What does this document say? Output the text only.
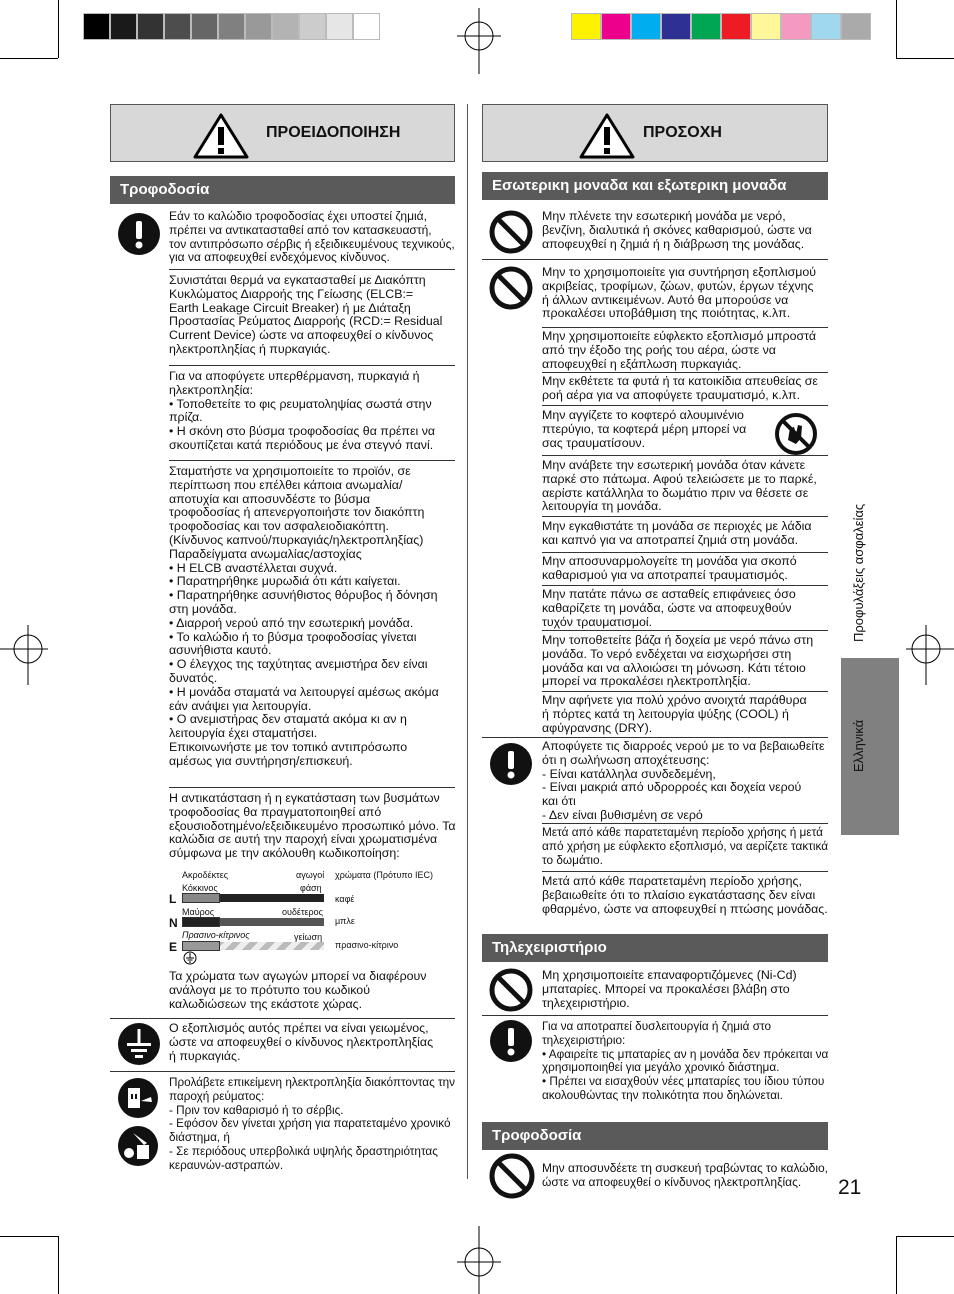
ΠΡΟΕΙΔΟΠΟΙΗΣΗ
Τροφοδοσία

Εάν το καλώδιο τροφοδοσίας έχει υποστεί ζημιά,

πρέπει να αντικατασταθεί από τον κατασκευαστή,

τον αντιπρόσωπο σέρβις ή εξειδικευμένους τεχνικούς,

για να αποφευχθεί ενδεχόμενος κίνδυνος.

Συνιστάται θερμά να εγκατασταθεί με Διακόπτη

Κυκλώματος Διαρροής της Γείωσης (ELCB:=

Earth Leakage Circuit Breaker) ή με Διάταξη

Προστασίας Ρεύματος Διαρροής (RCD:= Residual

Current Device) ώστε να αποφευχθεί ο κίνδυνος

ηλεκτροπληξίας ή πυρκαγιάς.

Για να αποφύγετε υπερθέρμανση, πυρκαγιά ή

ηλεκτροπληξία:

• Τοποθετείτε το φις ρευματοληψίας σωστά στην

πρίζα.

• Η σκόνη στο βύσμα τροφοδοσίας θα πρέπει να

σκουπίζεται κατά περιόδους με ένα στεγνό πανί.

Σταματήστε να χρησιμοποιείτε το προϊόν, σε

περίπτωση που επέλθει κάποια ανωμαλία/

αποτυχία και αποσυνδέστε το βύσμα

τροφοδοσίας ή απενεργοποιήστε τον διακόπτη

τροφοδοσίας και τον ασφαλειοδιακόπτη.

(Κίνδυνος καπνού/πυρκαγιάς/ηλεκτροπληξίας)

Παραδείγματα ανωμαλίας/αστοχίας

• Η ELCB αναστέλλεται συχνά.

• Παρατηρήθηκε μυρωδιά ότι κάτι καίγεται.

• Παρατηρήθηκε ασυνήθιστος θόρυβος ή δόνηση

στη μονάδα.

• Διαρροή νερού από την εσωτερική μονάδα.

• Το καλώδιο ή το βύσμα τροφοδοσίας γίνεται

ασυνήθιστα καυτό.

• Ο έλεγχος της ταχύτητας ανεμιστήρα δεν είναι

δυνατός.

• Η μονάδα σταματά να λειτουργεί αμέσως ακόμα

εάν ανάψει για λειτουργία.

• Ο ανεμιστήρας δεν σταματά ακόμα κι αν η

λειτουργία έχει σταματήσει.

Επικοινωνήστε με τον τοπικό αντιπρόσωπο

αμέσως για συντήρηση/επισκευή.

Η αντικατάσταση ή η εγκατάσταση των βυσμάτων

τροφοδοσίας θα πραγματοποιηθεί από

εξουσιοδοτημένο/εξειδικευμένο προσωπικό μόνο. Τα

καλώδια σε αυτή την παροχή είναι χρωματισμένα

σύμφωνα με την ακόλουθη κωδικοποίηση:

Ακροδέκτες	αγωγοί χρώματα (Πρότυπο IEC)
Κόκκινος	φάση
L	καφέ
Μαύρος	ουδέτερος
N	μπλε
Πρασινο-κίτρινος	γείωση
E	πρασινο-κίτρινο

Τα χρώματα των αγωγών μπορεί να διαφέρουν

ανάλογα με το πρότυπο του κωδικού

καλωδιώσεων της εκάστοτε χώρας.

Ο εξοπλισμός αυτός πρέπει να είναι γειωμένος,

ώστε να αποφευχθεί ο κίνδυνος ηλεκτροπληξίας

ή πυρκαγιάς.

Προλάβετε επικείμενη ηλεκτροπληξία διακόπτοντας την

παροχή ρεύματος:

- Πριν τον καθαρισμό ή το σέρβις.

- Εφόσον δεν γίνεται χρήση για παρατεταμένο χρονικό

διάστημα, ή

- Σε περιόδους υπερβολικά υψηλής δραστηριότητας

κεραυνών-αστραπών.

ΠΡΟΣΟΧΗ
Εσωτερικη μοναδα και εξωτερικη μοναδα

Μην πλένετε την εσωτερική μονάδα με νερό,

βενζίνη, διαλυτικά ή σκόνες καθαρισμού, ώστε να

αποφευχθεί η ζημιά ή η διάβρωση της μονάδας.

Μην το χρησιμοποιείτε για συντήρηση εξοπλισμού

ακριβείας, τροφίμων, ζώων, φυτών, έργων τέχνης

ή άλλων αντικειμένων. Αυτό θα μπορούσε να

προκαλέσει υποβάθμιση της ποιότητας, κ.λπ.

Μην χρησιμοποιείτε εύφλεκτο εξοπλισμό μπροστά

από την έξοδο της ροής του αέρα, ώστε να

αποφευχθεί η εξάπλωση πυρκαγιάς.

Μην εκθέτετε τα φυτά ή τα κατοικίδια απευθείας σε

ροή αέρα για να αποφύγετε τραυματισμό, κ.λπ.

Μην αγγίζετε το κοφτερό αλουμινένιο

πτερύγιο, τα κοφτερά μέρη μπορεί να

σας τραυματίσουν.

Μην ανάβετε την εσωτερική μονάδα όταν κάνετε

παρκέ στο πάτωμα. Αφού τελειώσετε με το παρκέ,

αερίστε κατάλληλα το δωμάτιο πριν να θέσετε σε

λειτουργία τη μονάδα.

Μην εγκαθιστάτε τη μονάδα σε περιοχές με λάδια

και καπνό για να αποτραπεί ζημιά στη μονάδα.

Μην αποσυναρμολογείτε τη μονάδα για σκοπό

καθαρισμού για να αποτραπεί τραυματισμός.

Μην πατάτε πάνω σε ασταθείς επιφάνειες όσο

καθαρίζετε τη μονάδα, ώστε να αποφευχθούν

τυχόν τραυματισμοί.

Μην τοποθετείτε βάζα ή δοχεία με νερό πάνω στη

μονάδα. Το νερό ενδέχεται να εισχωρήσει στη

μονάδα και να αλλοιώσει τη μόνωση. Κάτι τέτοιο

μπορεί να προκαλέσει ηλεκτροπληξία.

Μην αφήνετε για πολύ χρόνο ανοιχτά παράθυρα

ή πόρτες κατά τη λειτουργία ψύξης (COOL) ή

αφύγρανσης (DRY).

Αποφύγετε τις διαρροές νερού με το να βεβαιωθείτε

ότι η σωλήνωση αποχέτευσης:

- Είναι κατάλληλα συνδεδεμένη,

- Είναι μακριά από υδρορροές και δοχεία νερού

και ότι

- Δεν είναι βυθισμένη σε νερό

Μετά από κάθε παρατεταμένη περίοδο χρήσης ή μετά

από χρήση με εύφλεκτο εξοπλισμό, να αερίζετε τακτικά

το δωμάτιο.

Μετά από κάθε παρατεταμένη περίοδο χρήσης,

βεβαιωθείτε ότι το πλαίσιο εγκατάστασης δεν είναι

φθαρμένο, ώστε να αποφευχθεί η πτώσης μονάδας.

Τηλεχειριστήριο

Μη χρησιμοποιείτε επαναφορτιζόμενες (Ni-Cd)

μπαταρίες. Μπορεί να προκαλέσει βλάβη στο

τηλεχειριστήριο.

Για να αποτραπεί δυσλειτουργία ή ζημιά στο

τηλεχειριστήριο:

• Αφαιρείτε τις μπαταρίες αν η μονάδα δεν πρόκειται να

χρησιμοποιηθεί για μεγάλο χρονικό διάστημα.

• Πρέπει να εισαχθούν νέες μπαταρίες του ίδιου τύπου

ακολουθώντας την πολικότητα που δηλώνεται.

Τροφοδοσία

Μην αποσυνδέετε τη συσκευή τραβώντας το καλώδιο,

ώστε να αποφευχθεί ο κίνδυνος ηλεκτροπληξίας.

Προφυλάξεις ασφαλείας
Ελληνικά
21
